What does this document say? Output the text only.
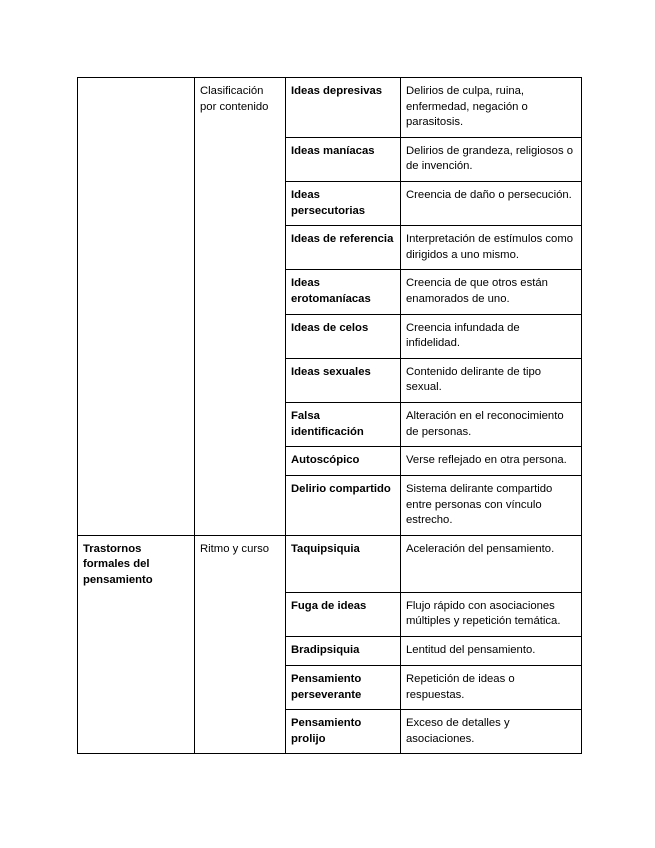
	Clasificación por contenido	Ideas depresivas	Delirios de culpa, ruina, enfermedad, negación o parasitosis.

		Ideas maníacas	Delirios de grandeza, religiosos o de invención.

		Ideas persecutorias	Creencia de daño o persecución.

		Ideas de referencia	Interpretación de estímulos como dirigidos a uno mismo.

		Ideas erotomaníacas	Creencia de que otros están enamorados de uno.

		Ideas de celos	Creencia infundada de infidelidad.

		Ideas sexuales	Contenido delirante de tipo sexual.

		Falsa identificación	Alteración en el reconocimiento de personas.

		Autoscópico	Verse reflejado en otra persona.

		Delirio compartido	Sistema delirante compartido entre personas con vínculo estrecho.

Trastornos formales del pensamiento	Ritmo y curso	Taquipsiquia	Aceleración del pensamiento.

		Fuga de ideas	Flujo rápido con asociaciones múltiples y repetición temática.

		Bradipsiquia	Lentitud del pensamiento.

		Pensamiento perseverante	Repetición de ideas o respuestas.

		Pensamiento prolijo	Exceso de detalles y asociaciones.
